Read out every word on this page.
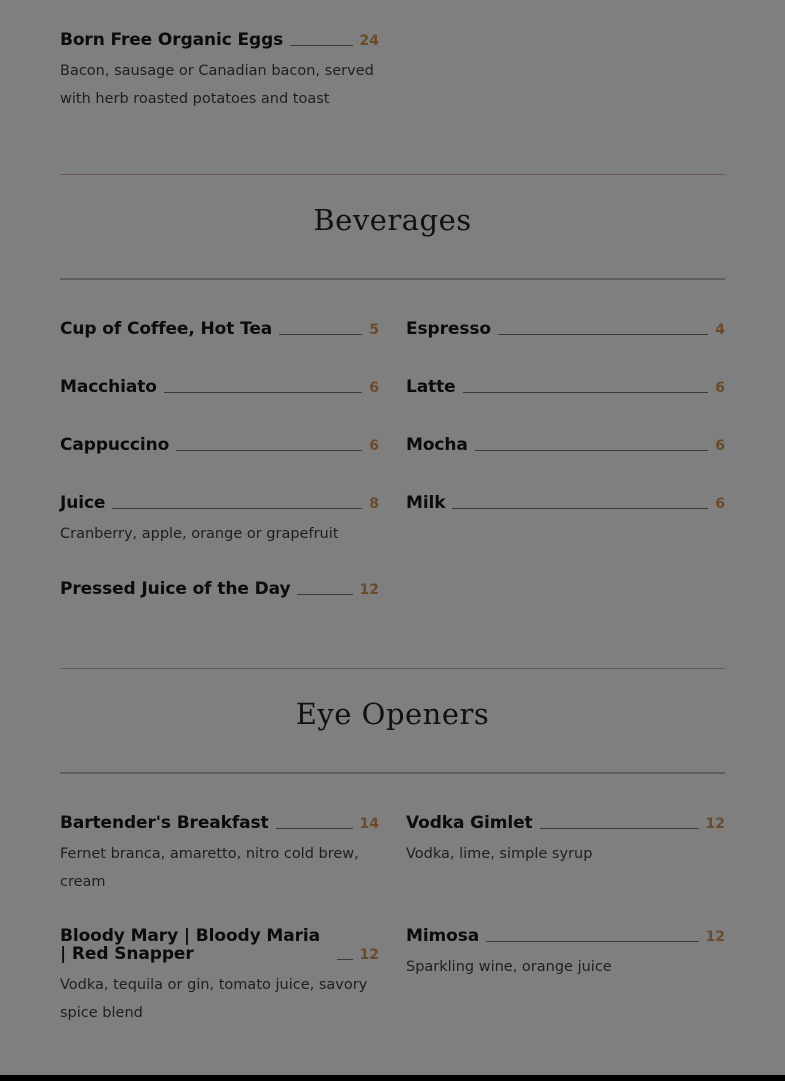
Born Free Organic Eggs	24
Bacon, sausage or Canadian bacon, served with herb roasted potatoes and toast
Beverages
Cup of Coffee, Hot Tea	5 Espresso	4
Macchiato	6 Latte	6
Cappuccino	6 Mocha	6
Juice	8
Cranberry, apple, orange or grapefruit
Milk	6
Pressed Juice of the Day	12
Eye Openers
Bartender's Breakfast	14
Fernet branca, amaretto, nitro cold brew, cream
Vodka Gimlet	12
Vodka, lime, simple syrup
Bloody Mary | Bloody Maria | Red Snapper	12
Vodka, tequila or gin, tomato juice, savory spice blend
Mimosa	12
Sparkling wine, orange juice
